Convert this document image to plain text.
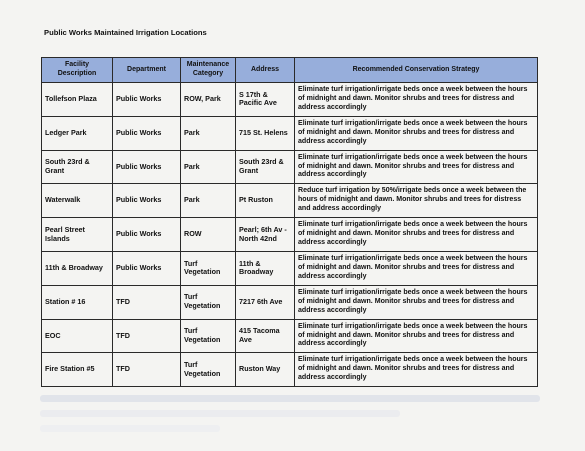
Public Works Maintained Irrigation Locations
Facility Description	Department	Maintenance Category	Address	Recommended Conservation Strategy
Tollefson Plaza	Public Works	ROW, Park	S 17th & Pacific Ave	Eliminate turf irrigation/irrigate beds once a week between the hours of midnight and dawn. Monitor shrubs and trees for distress and address accordingly
Ledger Park	Public Works	Park	715 St. Helens	Eliminate turf irrigation/irrigate beds once a week between the hours of midnight and dawn. Monitor shrubs and trees for distress and address accordingly
South 23rd & Grant	Public Works	Park	South 23rd & Grant	Eliminate turf irrigation/irrigate beds once a week between the hours of midnight and dawn. Monitor shrubs and trees for distress and address accordingly
Waterwalk	Public Works	Park	Pt Ruston	Reduce turf irrigation by 50%/irrigate beds once a week between the hours of midnight and dawn. Monitor shrubs and trees for distress and address accordingly
Pearl Street Islands	Public Works	ROW	Pearl; 6th Av - North 42nd	Eliminate turf irrigation/irrigate beds once a week between the hours of midnight and dawn. Monitor shrubs and trees for distress and address accordingly
11th & Broadway	Public Works	Turf Vegetation	11th & Broadway	Eliminate turf irrigation/irrigate beds once a week between the hours of midnight and dawn. Monitor shrubs and trees for distress and address accordingly
Station # 16	TFD	Turf Vegetation	7217 6th Ave	Eliminate turf irrigation/irrigate beds once a week between the hours of midnight and dawn. Monitor shrubs and trees for distress and address accordingly
EOC	TFD	Turf Vegetation	415 Tacoma Ave	Eliminate turf irrigation/irrigate beds once a week between the hours of midnight and dawn. Monitor shrubs and trees for distress and address accordingly
Fire Station #5	TFD	Turf Vegetation	Ruston Way	Eliminate turf irrigation/irrigate beds once a week between the hours of midnight and dawn. Monitor shrubs and trees for distress and address accordingly
